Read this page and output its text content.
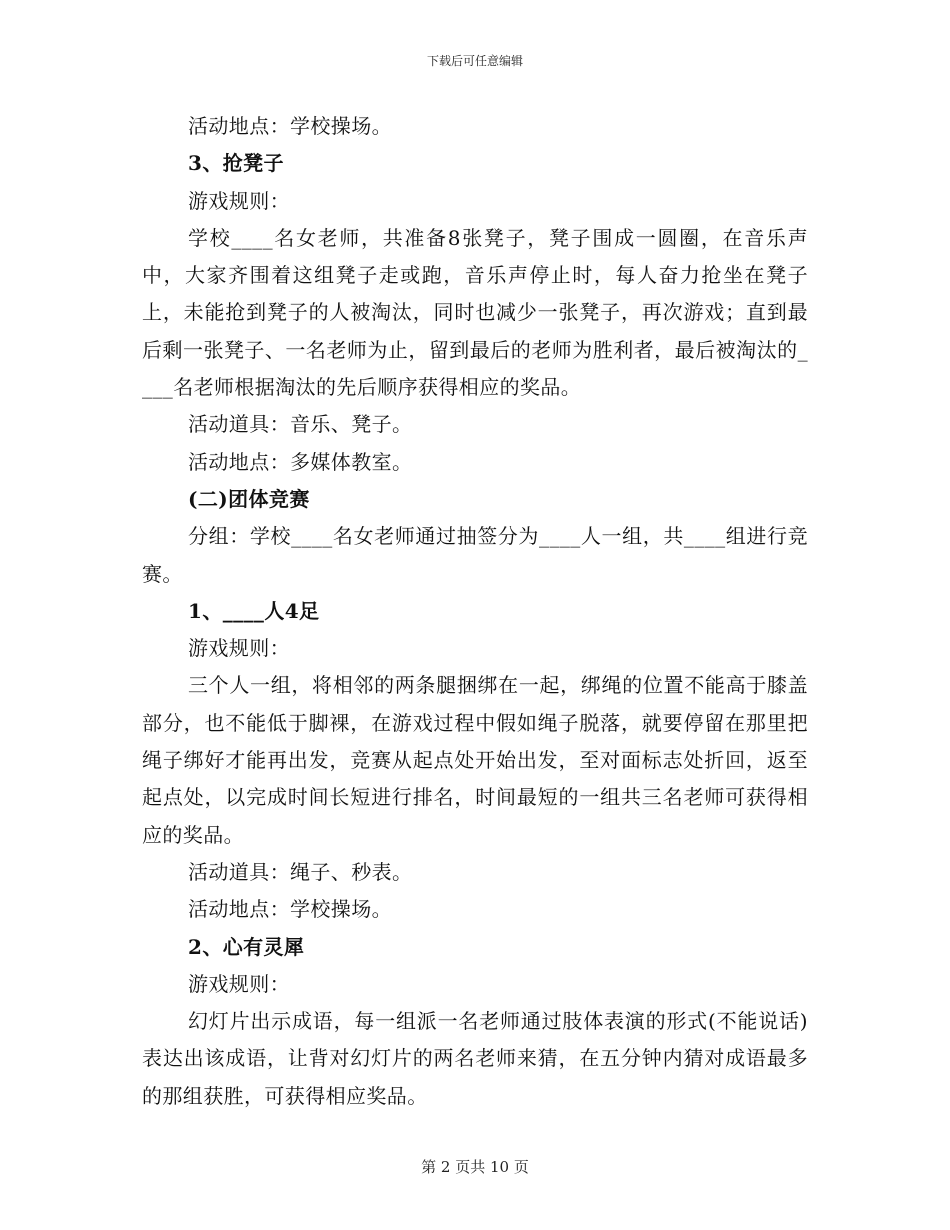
下载后可任意编辑

活动地点：学校操场。

3、抢凳子

游戏规则：

学校____名女老师，共准备8张凳子，凳子围成一圆圈，在音乐声中，大家齐围着这组凳子走或跑，音乐声停止时，每人奋力抢坐在凳子上，未能抢到凳子的人被淘汰，同时也减少一张凳子，再次游戏；直到最后剩一张凳子、一名老师为止，留到最后的老师为胜利者，最后被淘汰的____名老师根据淘汰的先后顺序获得相应的奖品。

活动道具：音乐、凳子。

活动地点：多媒体教室。

(二)团体竞赛

分组：学校____名女老师通过抽签分为____人一组，共____组进行竞赛。

1、____人4足

游戏规则：

三个人一组，将相邻的两条腿捆绑在一起，绑绳的位置不能高于膝盖部分，也不能低于脚裸，在游戏过程中假如绳子脱落，就要停留在那里把绳子绑好才能再出发，竞赛从起点处开始出发，至对面标志处折回，返至起点处，以完成时间长短进行排名，时间最短的一组共三名老师可获得相应的奖品。

活动道具：绳子、秒表。

活动地点：学校操场。

2、心有灵犀

游戏规则：

幻灯片出示成语，每一组派一名老师通过肢体表演的形式(不能说话)表达出该成语，让背对幻灯片的两名老师来猜，在五分钟内猜对成语最多的那组获胜，可获得相应奖品。

第 2 页共 10 页
